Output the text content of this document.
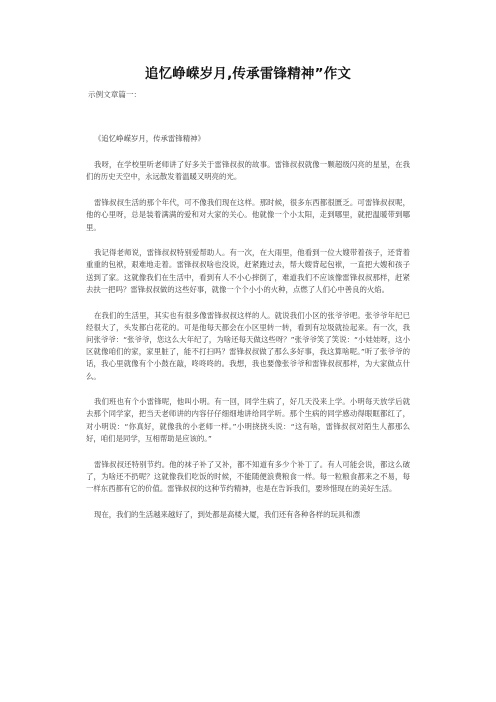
追忆峥嵘岁月,传承雷锋精神”作文
示例文章篇一：

《追忆峥嵘岁月，传承雷锋精神》

我呀，在学校里听老师讲了好多关于雷锋叔叔的故事。雷锋叔叔就像一颗超级闪亮的星星，在我们的历史天空中，永远散发着温暖又明亮的光。

雷锋叔叔生活的那个年代，可不像我们现在这样。那时候，很多东西都很匮乏。可雷锋叔叔呢，他的心里呀，总是装着满满的爱和对大家的关心。他就像一个小太阳，走到哪里，就把温暖带到哪里。

我记得老师说，雷锋叔叔特别爱帮助人。有一次，在大雨里，他看到一位大嫂带着孩子，还背着重重的包袱，艰难地走着。雷锋叔叔啥也没说，赶紧跑过去，帮大嫂背起包袱，一直把大嫂和孩子送到了家。这就像我们在生活中，看到有人不小心摔倒了，难道我们不应该像雷锋叔叔那样，赶紧去扶一把吗？雷锋叔叔做的这些好事，就像一个个小小的火种，点燃了人们心中善良的火焰。

在我们的生活里，其实也有很多像雷锋叔叔这样的人。就说我们小区的张爷爷吧。张爷爷年纪已经很大了，头发都白花花的。可是他每天都会在小区里转一转，看到有垃圾就捡起来。有一次，我问张爷爷：“张爷爷，您这么大年纪了，为啥还每天做这些呀？”张爷爷笑了笑说：“小娃娃呀，这小区就像咱们的家，家里脏了，能不打扫吗？雷锋叔叔做了那么多好事，我这算啥呢。”听了张爷爷的话，我心里就像有个小鼓在敲，咚咚咚的。我想，我也要像张爷爷和雷锋叔叔那样，为大家做点什么。

我们班也有个小雷锋呢，他叫小明。有一回，同学生病了，好几天没来上学。小明每天放学后就去那个同学家，把当天老师讲的内容仔仔细细地讲给同学听。那个生病的同学感动得眼眶都红了，对小明说：“你真好，就像我的小老师一样。”小明挠挠头说：“这有啥，雷锋叔叔对陌生人都那么好，咱们是同学，互相帮助是应该的。”

雷锋叔叔还特别节约。他的袜子补了又补，都不知道有多少个补丁了。有人可能会说，都这么破了，为啥还不扔呢？这就像我们吃饭的时候，不能随便浪费粮食一样。每一粒粮食都来之不易，每一样东西都有它的价值。雷锋叔叔的这种节约精神，也是在告诉我们，要珍惜现在的美好生活。

现在，我们的生活越来越好了，到处都是高楼大厦，我们还有各种各样的玩具和漂
